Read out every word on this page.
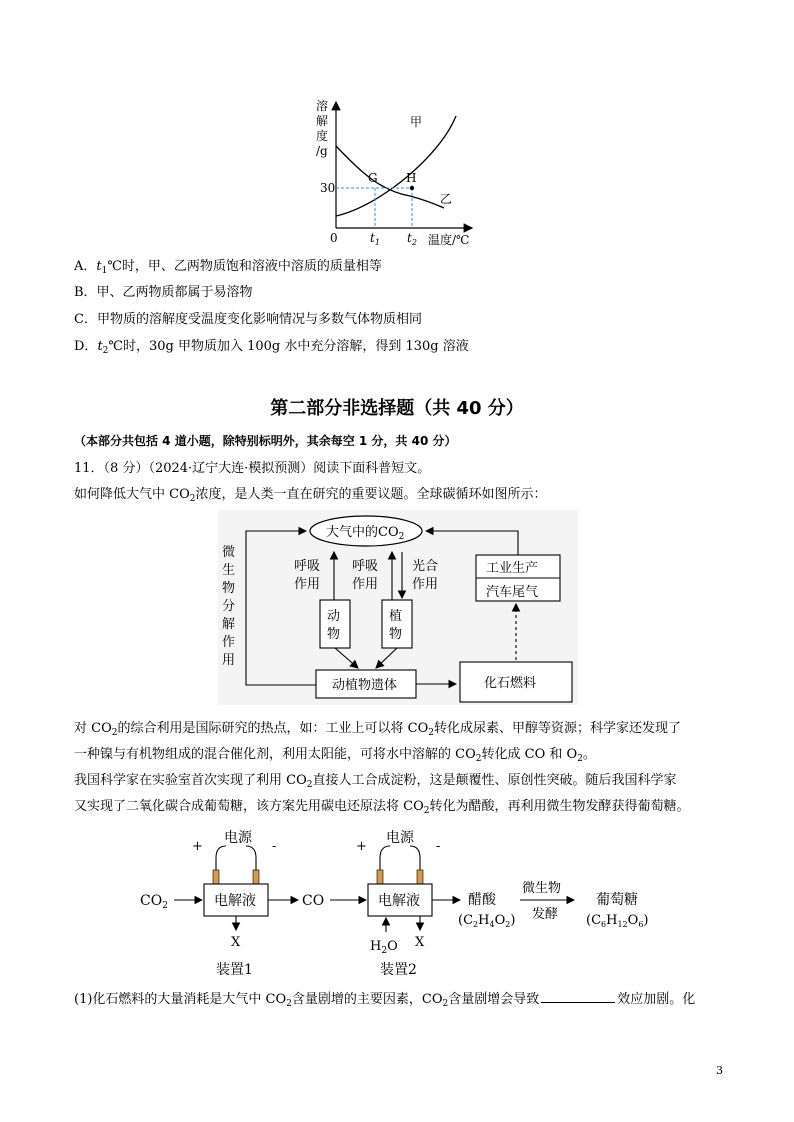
溶
解
度
/g
30
0	$t_1$ $t_2$ 温度/℃
甲
乙
G H
A．$t_1℃$时，甲、乙两物质饱和溶液中溶质的质量相等
B．甲、乙两物质都属于易溶物
C．甲物质的溶解度受温度变化影响情况与多数气体物质相同
D．$t_2℃$时，30g 甲物质加入 100g 水中充分溶解，得到 130g 溶液
第二部分非选择题（共 40 分）
（本部分共包括 4 道小题，除特别标明外，其余每空 1 分，共 40 分）
11．（8 分）（2024·辽宁大连·模拟预测）阅读下面科普短文。
如何降低大气中 $CO_2$浓度，是人类一直在研究的重要议题。全球碳循环如图所示：
大气中的$CO_2$
微
生
物
分
解
作
用
呼吸
作用
呼吸
作用
光合
作用
动
物
植
物
动植物遗体	化石燃料
工业生产
汽车尾气
对 $CO_2$的综合利用是国际研究的热点，如：工业上可以将 $CO_2$转化成尿素、甲醇等资源；科学家还发现了
一种镍与有机物组成的混合催化剂，利用太阳能，可将水中溶解的 $CO_2$转化成 CO 和 $O_2$。
我国科学家在实验室首次实现了利用 $CO_2$直接人工合成淀粉，这是颠覆性、原创性突破。随后我国科学家
又实现了二氧化碳合成葡萄糖，该方案先用碳电还原法将 $CO_2$转化为醋酸，再利用微生物发酵获得葡萄糖。
电源
+	-
电解液
$CO_2$
X
装置1
CO
电源
+	-
电解液
$H_2O$ X
装置2
醋酸
$(C_2H_4O_2)$
微生物
发酵
葡萄糖
$(C_6H_{12}O_6)$
(1)化石燃料的大量消耗是大气中 $CO_2$含量剧增的主要因素，$CO_2$含量剧增会导致	效应加剧。化
3
